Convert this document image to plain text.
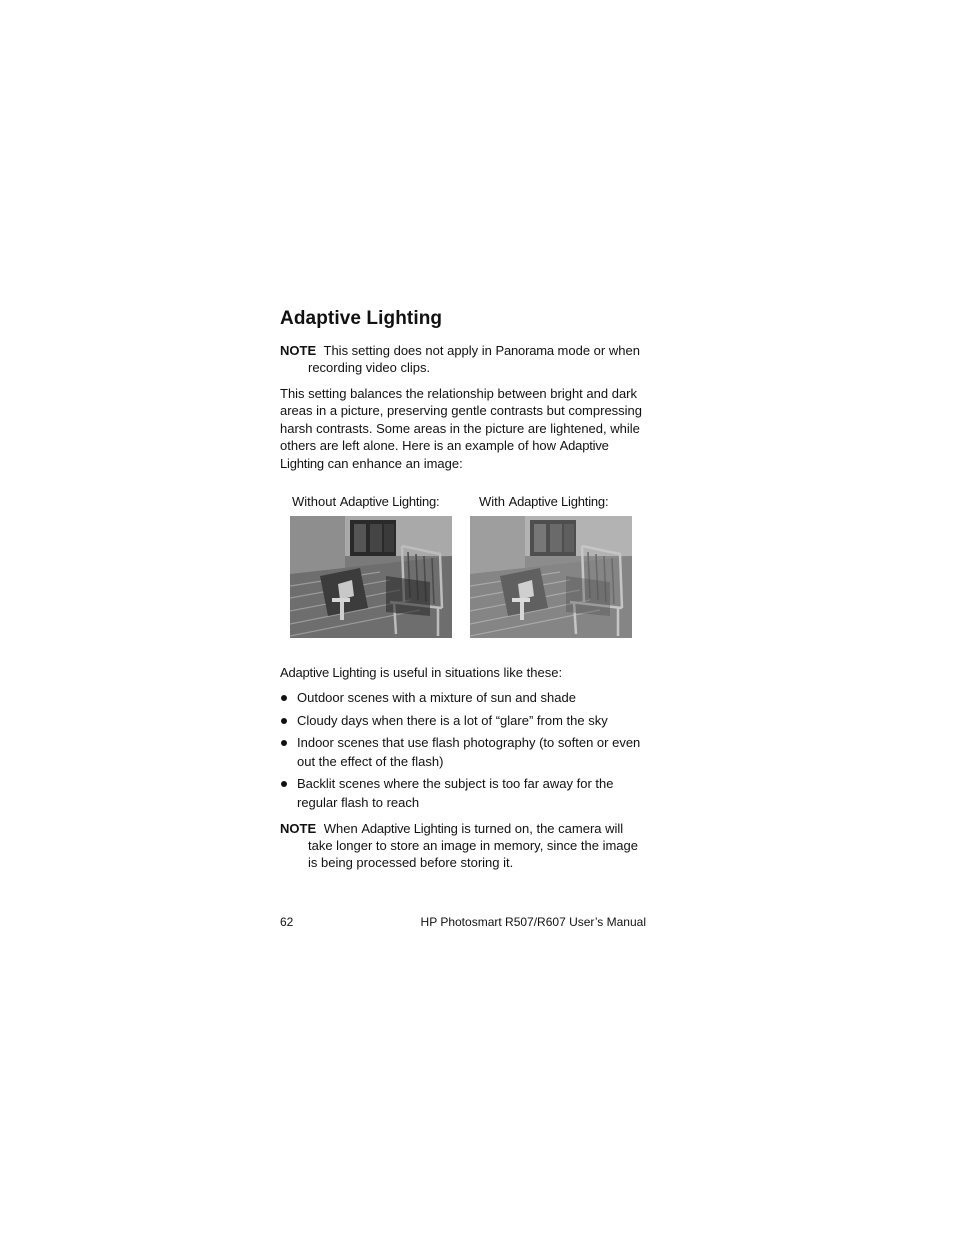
Adaptive Lighting
NOTE This setting does not apply in Panorama mode or when recording video clips.

This setting balances the relationship between bright and dark areas in a picture, preserving gentle contrasts but compressing harsh contrasts. Some areas in the picture are lightened, while others are left alone. Here is an example of how Adaptive Lighting can enhance an image:

Without Adaptive Lighting:	With Adaptive Lighting:

Adaptive Lighting is useful in situations like these:

Outdoor scenes with a mixture of sun and shade
Cloudy days when there is a lot of “glare” from the sky
Indoor scenes that use flash photography (to soften or even out the effect of the flash)
Backlit scenes where the subject is too far away for the regular flash to reach
NOTE When Adaptive Lighting is turned on, the camera will take longer to store an image in memory, since the image is being processed before storing it.
62	HP Photosmart R507/R607 User’s Manual
